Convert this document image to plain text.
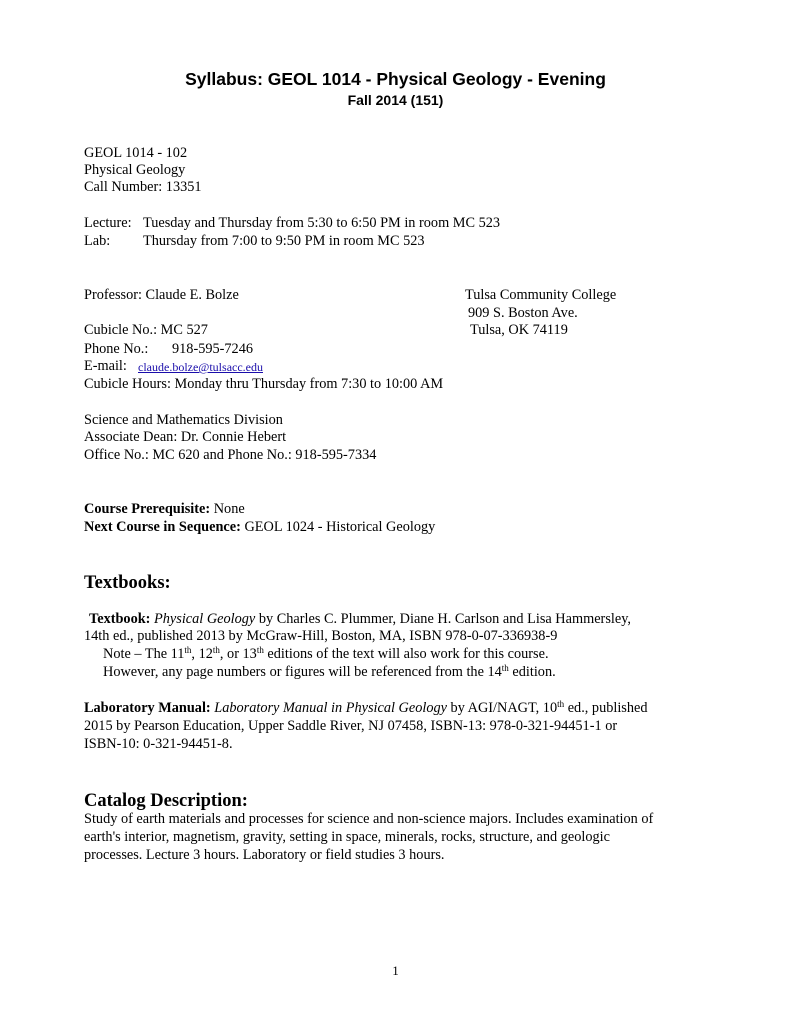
Syllabus: GEOL 1014 - Physical Geology - Evening
Fall 2014 (151)
GEOL 1014 - 102
Physical Geology
Call Number: 13351
Lecture: Tuesday and Thursday from 5:30 to 6:50 PM in room MC 523
Lab: Thursday from 7:00 to 9:50 PM in room MC 523
Professor: Claude E. Bolze	Tulsa Community College
909 S. Boston Ave.
Cubicle No.: MC 527	Tulsa, OK 74119
Phone No.: 918-595-7246
E-mail: claude.bolze@tulsacc.edu
Cubicle Hours: Monday thru Thursday from 7:30 to 10:00 AM
Science and Mathematics Division
Associate Dean: Dr. Connie Hebert
Office No.: MC 620 and Phone No.: 918-595-7334
Course Prerequisite: None
Next Course in Sequence: GEOL 1024 - Historical Geology
Textbooks:
Textbook: Physical Geology by Charles C. Plummer, Diane H. Carlson and Lisa Hammersley,
14th ed., published 2013 by McGraw-Hill, Boston, MA, ISBN 978-0-07-336938-9
Note – The 11th, 12th, or 13th editions of the text will also work for this course.
However, any page numbers or figures will be referenced from the 14th edition.
Laboratory Manual: Laboratory Manual in Physical Geology by AGI/NAGT, 10th ed., published
2015 by Pearson Education, Upper Saddle River, NJ 07458, ISBN-13: 978-0-321-94451-1 or
ISBN-10: 0-321-94451-8.
Catalog Description:
Study of earth materials and processes for science and non-science majors. Includes examination of
earth's interior, magnetism, gravity, setting in space, minerals, rocks, structure, and geologic
processes. Lecture 3 hours. Laboratory or field studies 3 hours.
1
